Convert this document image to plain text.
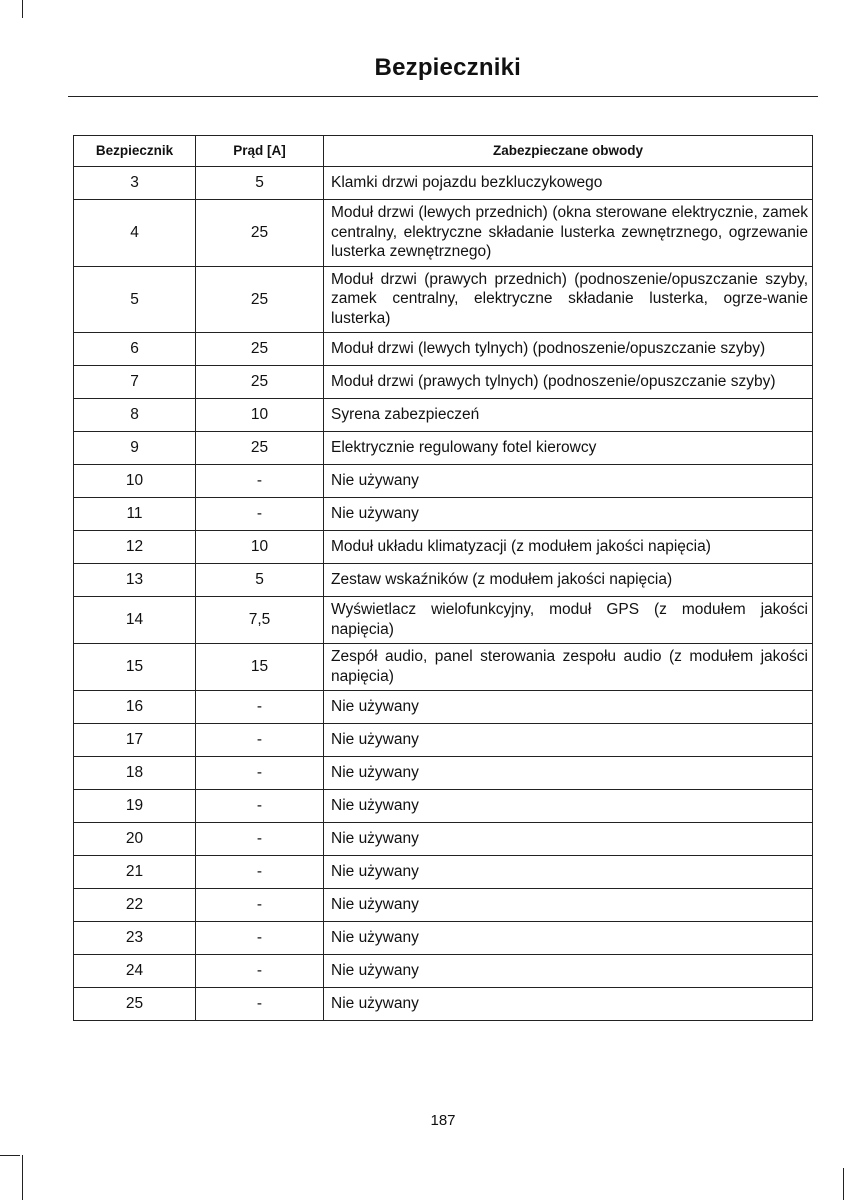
Bezpieczniki
Bezpiecznik	Prąd [A]	Zabezpieczane obwody
3	5	Klamki drzwi pojazdu bezkluczykowego
4	25	Moduł drzwi (lewych przednich) (okna sterowane elektrycznie, zamek centralny, elektryczne składanie lusterka zewnętrznego, ogrzewanie lusterka zewnętrznego)
5	25	Moduł drzwi (prawych przednich) (podnoszenie/opuszczanie szyby, zamek centralny, elektryczne składanie lusterka, ogrze-wanie lusterka)
6	25	Moduł drzwi (lewych tylnych) (podnoszenie/opuszczanie szyby)
7	25	Moduł drzwi (prawych tylnych) (podnoszenie/opuszczanie szyby)
8	10	Syrena zabezpieczeń
9	25	Elektrycznie regulowany fotel kierowcy
10	-	Nie używany
11	-	Nie używany
12	10	Moduł układu klimatyzacji (z modułem jakości napięcia)
13	5	Zestaw wskaźników (z modułem jakości napięcia)
14	7,5	Wyświetlacz wielofunkcyjny, moduł GPS (z modułem jakości napięcia)
15	15	Zespół audio, panel sterowania zespołu audio (z modułem jakości napięcia)
16	-	Nie używany
17	-	Nie używany
18	-	Nie używany
19	-	Nie używany
20	-	Nie używany
21	-	Nie używany
22	-	Nie używany
23	-	Nie używany
24	-	Nie używany
25	-	Nie używany
187
